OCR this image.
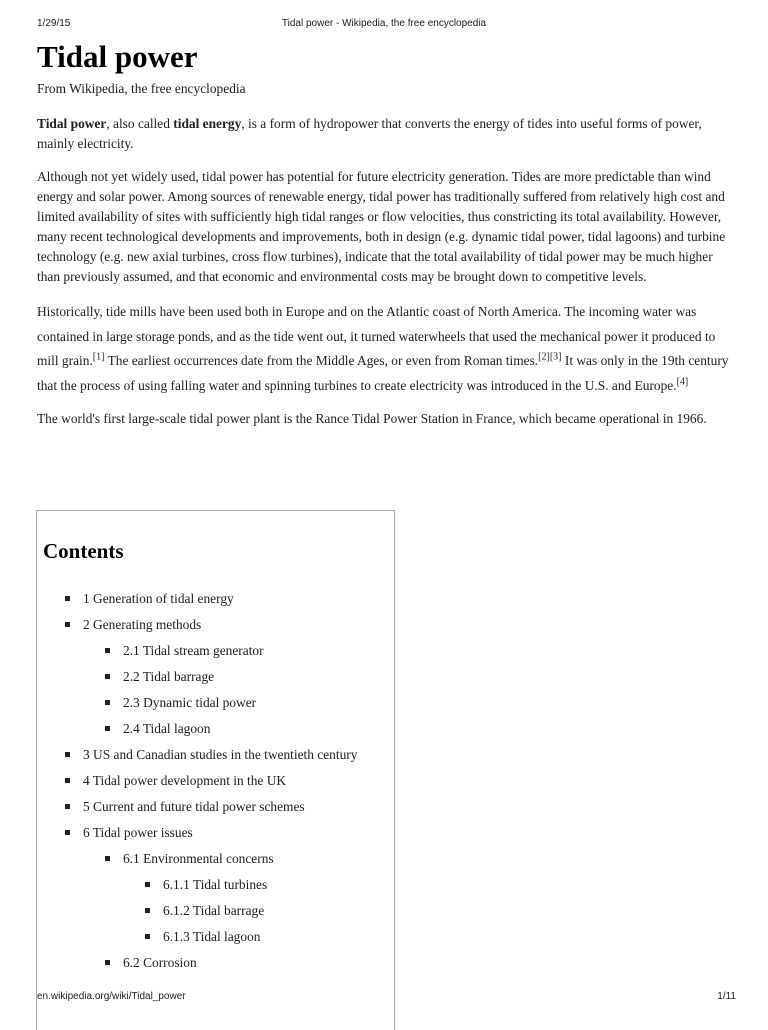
1/29/15	Tidal power - Wikipedia, the free encyclopedia
Tidal power
From Wikipedia, the free encyclopedia

Tidal power, also called tidal energy, is a form of hydropower that converts the energy of tides into useful forms of power, mainly electricity.

Although not yet widely used, tidal power has potential for future electricity generation. Tides are more predictable than wind energy and solar power. Among sources of renewable energy, tidal power has traditionally suffered from relatively high cost and limited availability of sites with sufficiently high tidal ranges or flow velocities, thus constricting its total availability. However, many recent technological developments and improvements, both in design (e.g. dynamic tidal power, tidal lagoons) and turbine technology (e.g. new axial turbines, cross flow turbines), indicate that the total availability of tidal power may be much higher than previously assumed, and that economic and environmental costs may be brought down to competitive levels.

Historically, tide mills have been used both in Europe and on the Atlantic coast of North America. The incoming water was contained in large storage ponds, and as the tide went out, it turned waterwheels that used the mechanical power it produced to mill grain.[1] The earliest occurrences date from the Middle Ages, or even from Roman times.[2][3] It was only in the 19th century that the process of using falling water and spinning turbines to create electricity was introduced in the U.S. and Europe.[4]

The world's first large-scale tidal power plant is the Rance Tidal Power Station in France, which became operational in 1966.

Contents
1 Generation of tidal energy
2 Generating methods
2.1 Tidal stream generator
2.2 Tidal barrage
2.3 Dynamic tidal power
2.4 Tidal lagoon
3 US and Canadian studies in the twentieth century
4 Tidal power development in the UK
5 Current and future tidal power schemes
6 Tidal power issues
6.1 Environmental concerns
6.1.1 Tidal turbines
6.1.2 Tidal barrage
6.1.3 Tidal lagoon
6.2 Corrosion
en.wikipedia.org/wiki/Tidal_power	1/11
